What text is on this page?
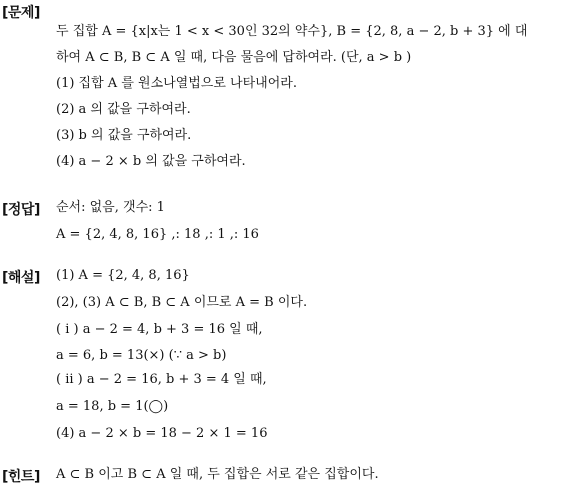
[문제]
두 집합 A = {x|x는 1 < x < 30인 32의 약수}, B = {2, 8, a − 2, b + 3} 에 대
하여 A ⊂ B, B ⊂ A 일 때, 다음 물음에 답하여라. (단, a > b )
(1) 집합 A 를 원소나열법으로 나타내어라.
(2) a 의 값을 구하여라.
(3) b 의 값을 구하여라.
(4) a − 2 × b 의 값을 구하여라.
[정답] 순서: 없음, 갯수: 1
A = {2, 4, 8, 16} ,: 18 ,: 1 ,: 16
[해설] (1) A = {2, 4, 8, 16}
(2), (3) A ⊂ B, B ⊂ A 이므로 A = B 이다.
( i ) a − 2 = 4, b + 3 = 16 일 때,
a = 6, b = 13(×) (∵ a > b)
( ii ) a − 2 = 16, b + 3 = 4 일 때,
a = 18, b = 1(◯)
(4) a − 2 × b = 18 − 2 × 1 = 16
[힌트] A ⊂ B 이고 B ⊂ A 일 때, 두 집합은 서로 같은 집합이다.
